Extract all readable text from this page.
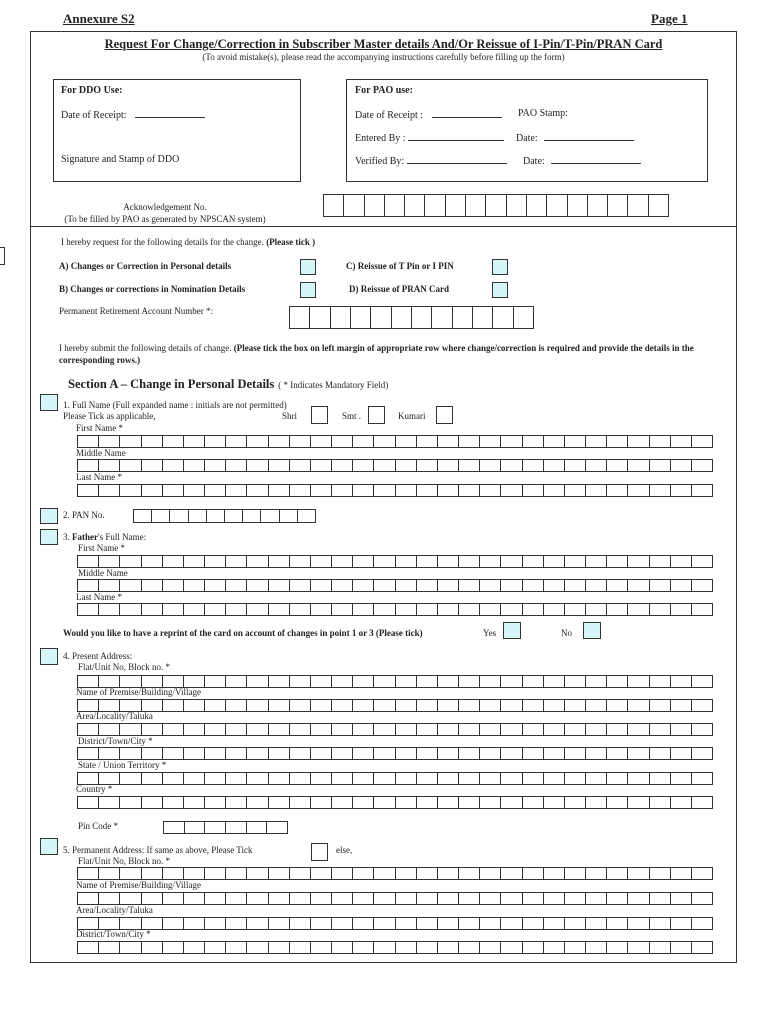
Annexure S2	Page 1
Request For Change/Correction in Subscriber Master details And/Or Reissue of I-Pin/T-Pin/PRAN Card
(To avoid mistake(s), please read the accompanying instructions carefully before filling up the form)
For DDO Use:
Date of Receipt:
Signature and Stamp of DDO
For PAO use:
Date of Receipt :	PAO Stamp:
Entered By :	Date:
Verified By:	Date:
Acknowledgement No.
(To be filled by PAO as generated by NPSCAN system)
I hereby request for the following details for the change. (Please tick )
A) Changes or Correction in Personal details
B) Changes or corrections in Nomination Details
C) Reissue of T Pin or I PIN
D) Reissue of PRAN Card
Permanent Retirement Account Number *:
I hereby submit the following details of change. (Please tick the box on left margin of appropriate row where change/correction is required and provide the details in the corresponding rows.)
Section A – Change in Personal Details ( * Indicates Mandatory Field)
1. Full Name (Full expanded name : initials are not permitted)
Please Tick as applicable,	Shri	Smt .	Kumari
First Name *
Middle Name
Last Name *
2. PAN No.
3. Father's Full Name:
First Name *
Middle Name
Last Name *
Would you like to have a reprint of the card on account of changes in point 1 or 3 (Please tick)	Yes	No
4. Present Address:
Flat/Unit No, Block no. *
Name of Premise/Building/Village
Area/Locality/Taluka
District/Town/City *
State / Union Territory *
Country *
Pin Code *
5. Permanent Address: If same as above, Please Tick	else,
Flat/Unit No, Block no. *
Name of Premise/Building/Village
Area/Locality/Taluka
District/Town/City *
